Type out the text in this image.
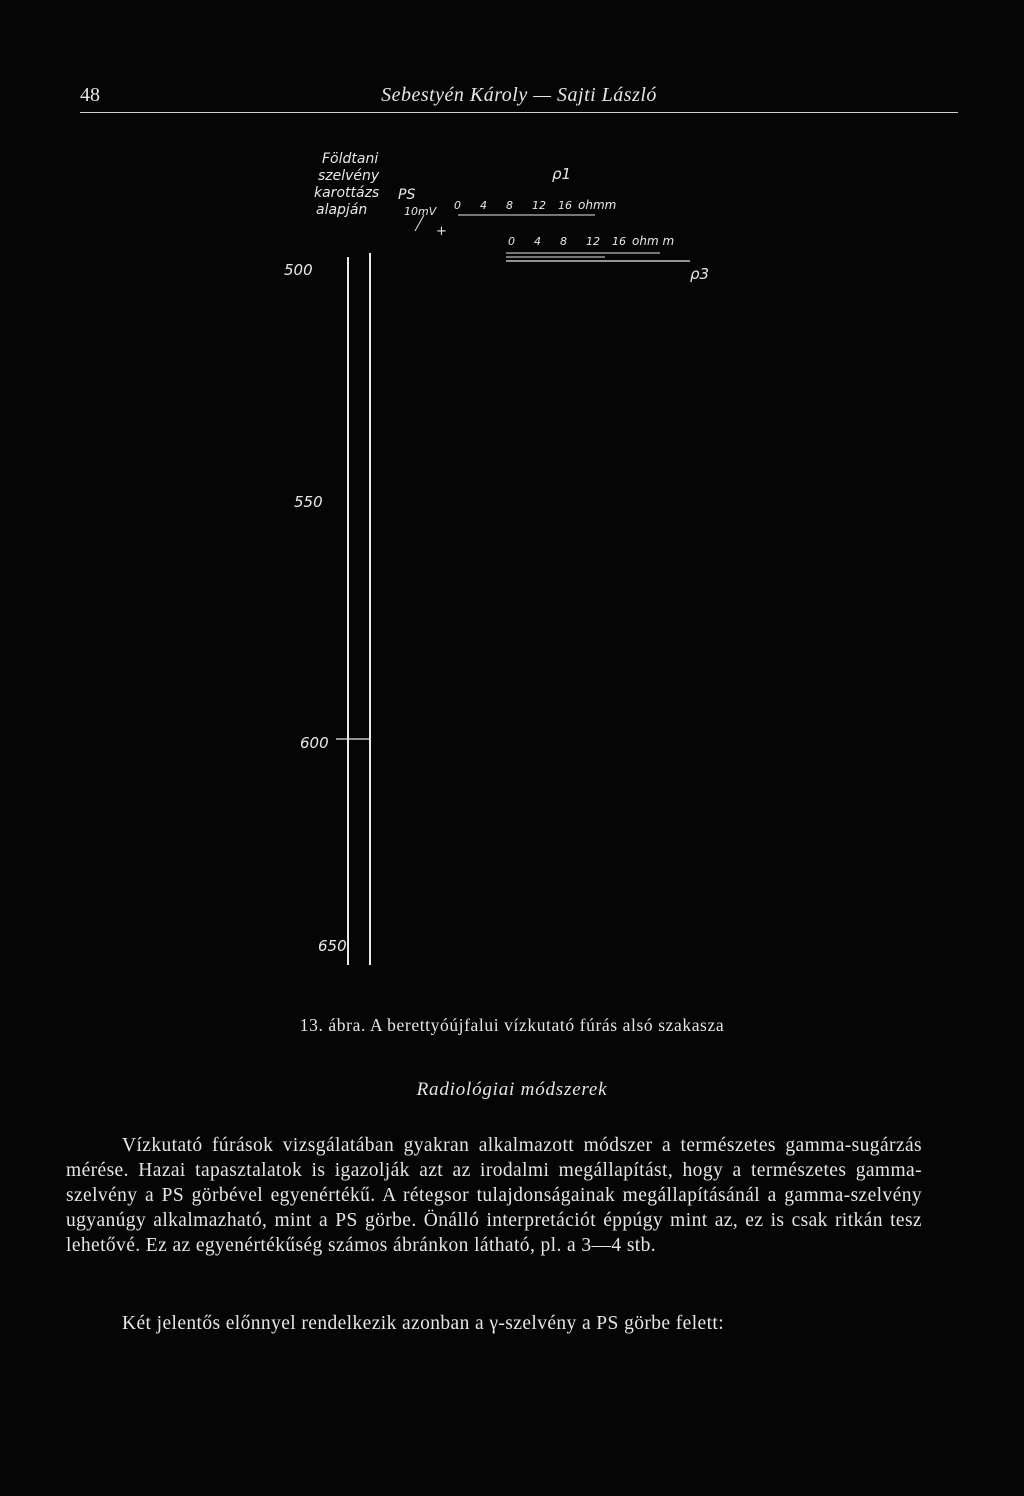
48	Sebestyén Károly — Sajti László
Földtani
szelvény
karottázs
alapján
PS
10mV
+
ρ1
0 4 8 12 16 ohmm
0 4 8 12 16 ohm m
ρ3
500
550
600
650
13. ábra. A berettyóújfalui vízkutató fúrás alsó szakasza
Radiológiai módszerek
Vízkutató fúrások vizsgálatában gyakran alkalmazott módszer a természetes gamma-sugárzás mérése. Hazai tapasztalatok is igazolják azt az irodalmi megállapítást, hogy a természetes gamma-szelvény a PS görbével egyenértékű. A rétegsor tulajdonságainak megállapításánál a gamma-szelvény ugyanúgy alkalmazható, mint a PS görbe. Önálló interpretációt éppúgy mint az, ez is csak ritkán tesz lehetővé. Ez az egyenértékűség számos ábránkon látható, pl. a 3—4 stb.
Két jelentős előnnyel rendelkezik azonban a γ-szelvény a PS görbe felett:
